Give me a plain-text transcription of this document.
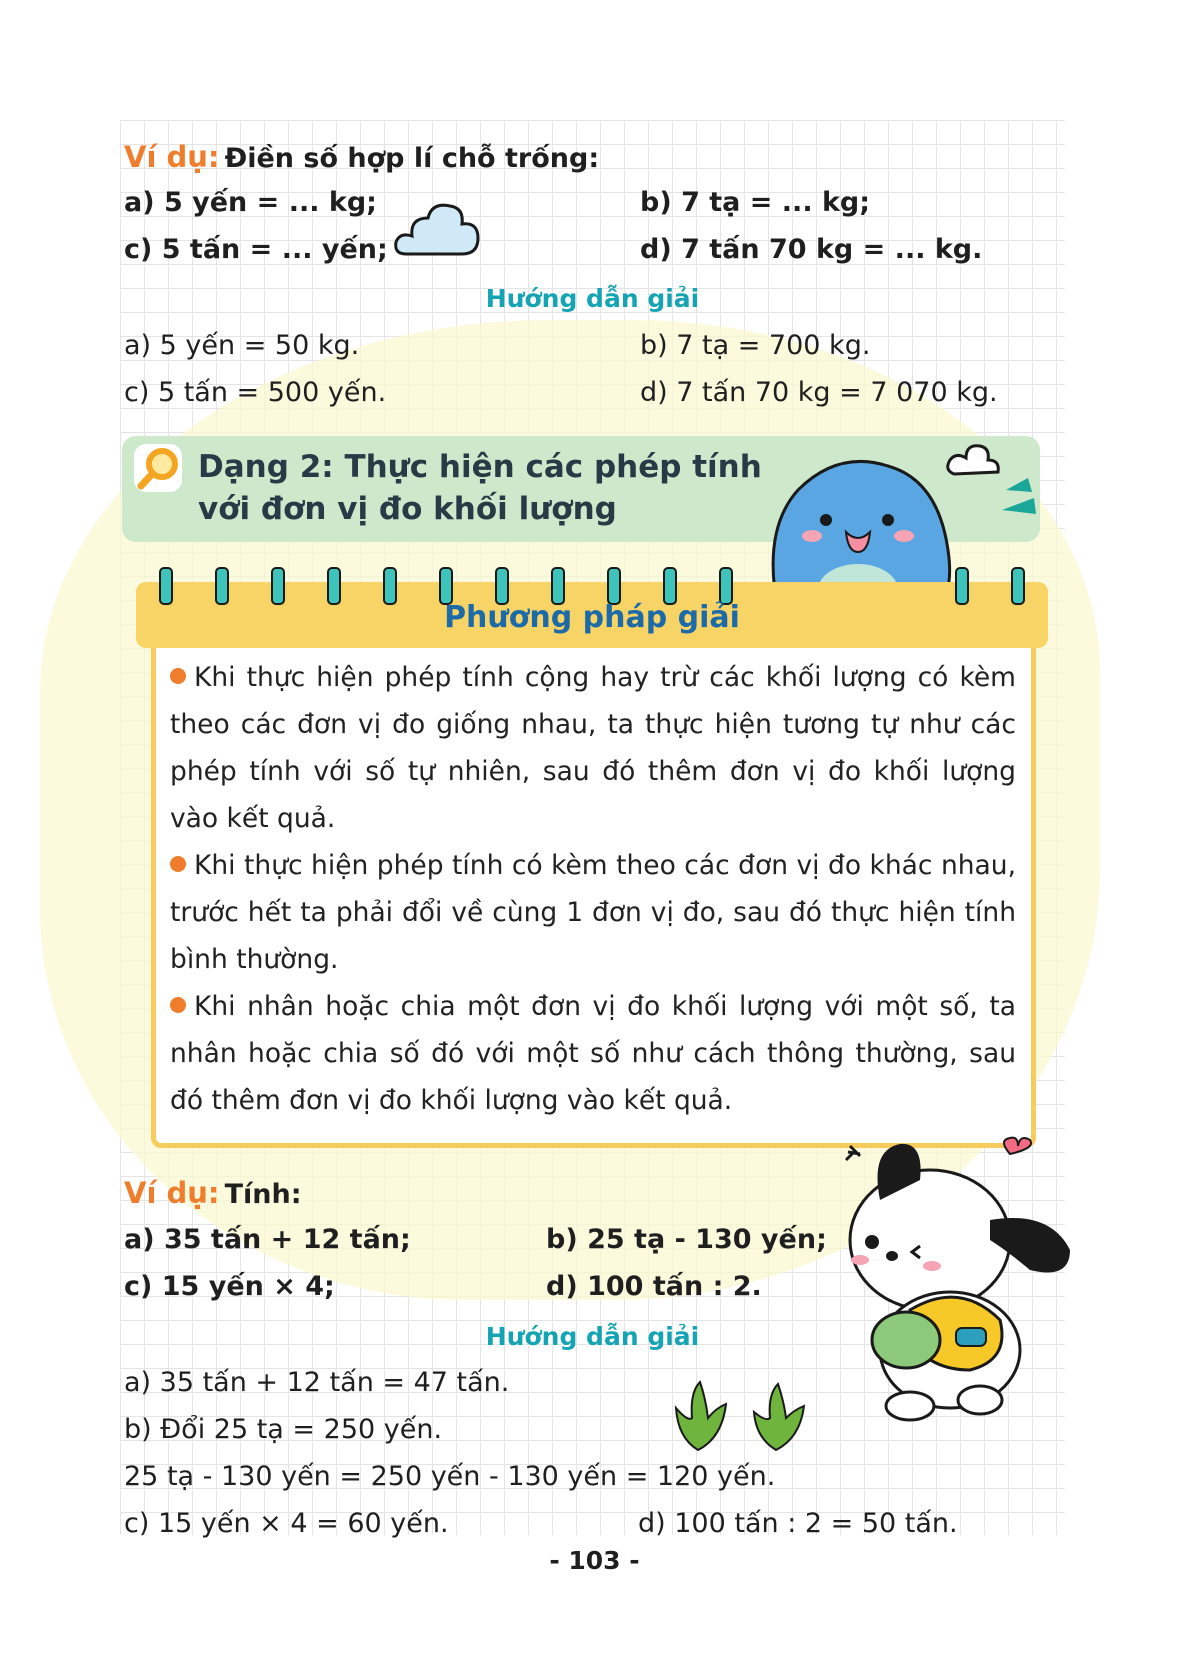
Ví dụ: Điền số hợp lí chỗ trống:
a) 5 yến = ... kg;	b) 7 tạ = ... kg;
c) 5 tấn = ... yến;	d) 7 tấn 70 kg = ... kg.
Hướng dẫn giải
a) 5 yến = 50 kg.	b) 7 tạ = 700 kg.
c) 5 tấn = 500 yến.	d) 7 tấn 70 kg = 7 070 kg.
Dạng 2: Thực hiện các phép tính
với đơn vị đo khối lượng
Phương pháp giải

Khi thực hiện phép tính cộng hay trừ các khối lượng có kèm theo các đơn vị đo giống nhau, ta thực hiện tương tự như các phép tính với số tự nhiên, sau đó thêm đơn vị đo khối lượng vào kết quả.

Khi thực hiện phép tính có kèm theo các đơn vị đo khác nhau, trước hết ta phải đổi về cùng 1 đơn vị đo, sau đó thực hiện tính bình thường.

Khi nhân hoặc chia một đơn vị đo khối lượng với một số, ta nhân hoặc chia số đó với một số như cách thông thường, sau đó thêm đơn vị đo khối lượng vào kết quả.

Ví dụ: Tính:
a) 35 tấn + 12 tấn;	b) 25 tạ - 130 yến;
c) 15 yến × 4;	d) 100 tấn : 2.
Hướng dẫn giải
a) 35 tấn + 12 tấn = 47 tấn.
b) Đổi 25 tạ = 250 yến.
25 tạ - 130 yến = 250 yến - 130 yến = 120 yến.
c) 15 yến × 4 = 60 yến.	d) 100 tấn : 2 = 50 tấn.
- 103 -
